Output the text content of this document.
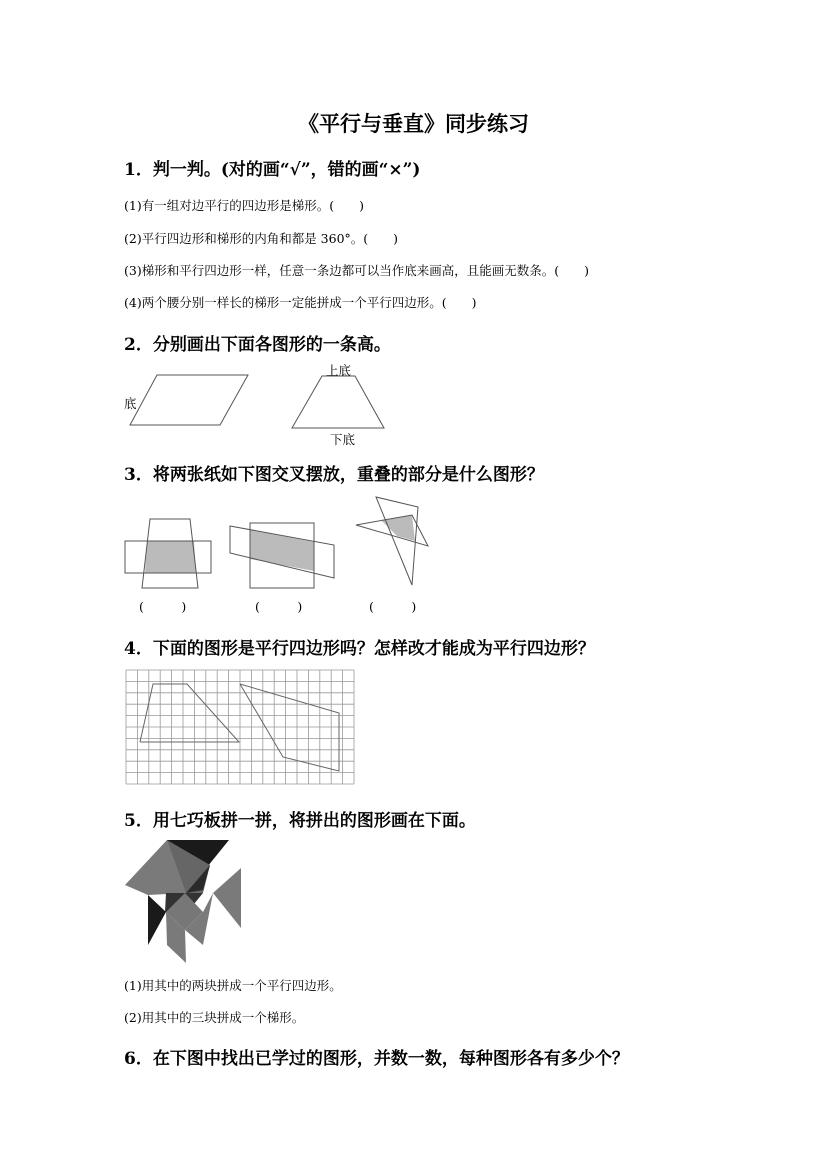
《平行与垂直》同步练习
1．判一判。(对的画“√”，错的画“×”)
(1)有一组对边平行的四边形是梯形。(　　)
(2)平行四边形和梯形的内角和都是 360°。(　　)
(3)梯形和平行四边形一样，任意一条边都可以当作底来画高，且能画无数条。(　　)
(4)两个腰分别一样长的梯形一定能拼成一个平行四边形。(　　)
2．分别画出下面各图形的一条高。
底
上底
下底
3．将两张纸如下图交叉摆放，重叠的部分是什么图形？
(　　　)	(　　　)	(　　　)
4．下面的图形是平行四边形吗？怎样改才能成为平行四边形？
5．用七巧板拼一拼，将拼出的图形画在下面。
(1)用其中的两块拼成一个平行四边形。
(2)用其中的三块拼成一个梯形。
6．在下图中找出已学过的图形，并数一数，每种图形各有多少个？
